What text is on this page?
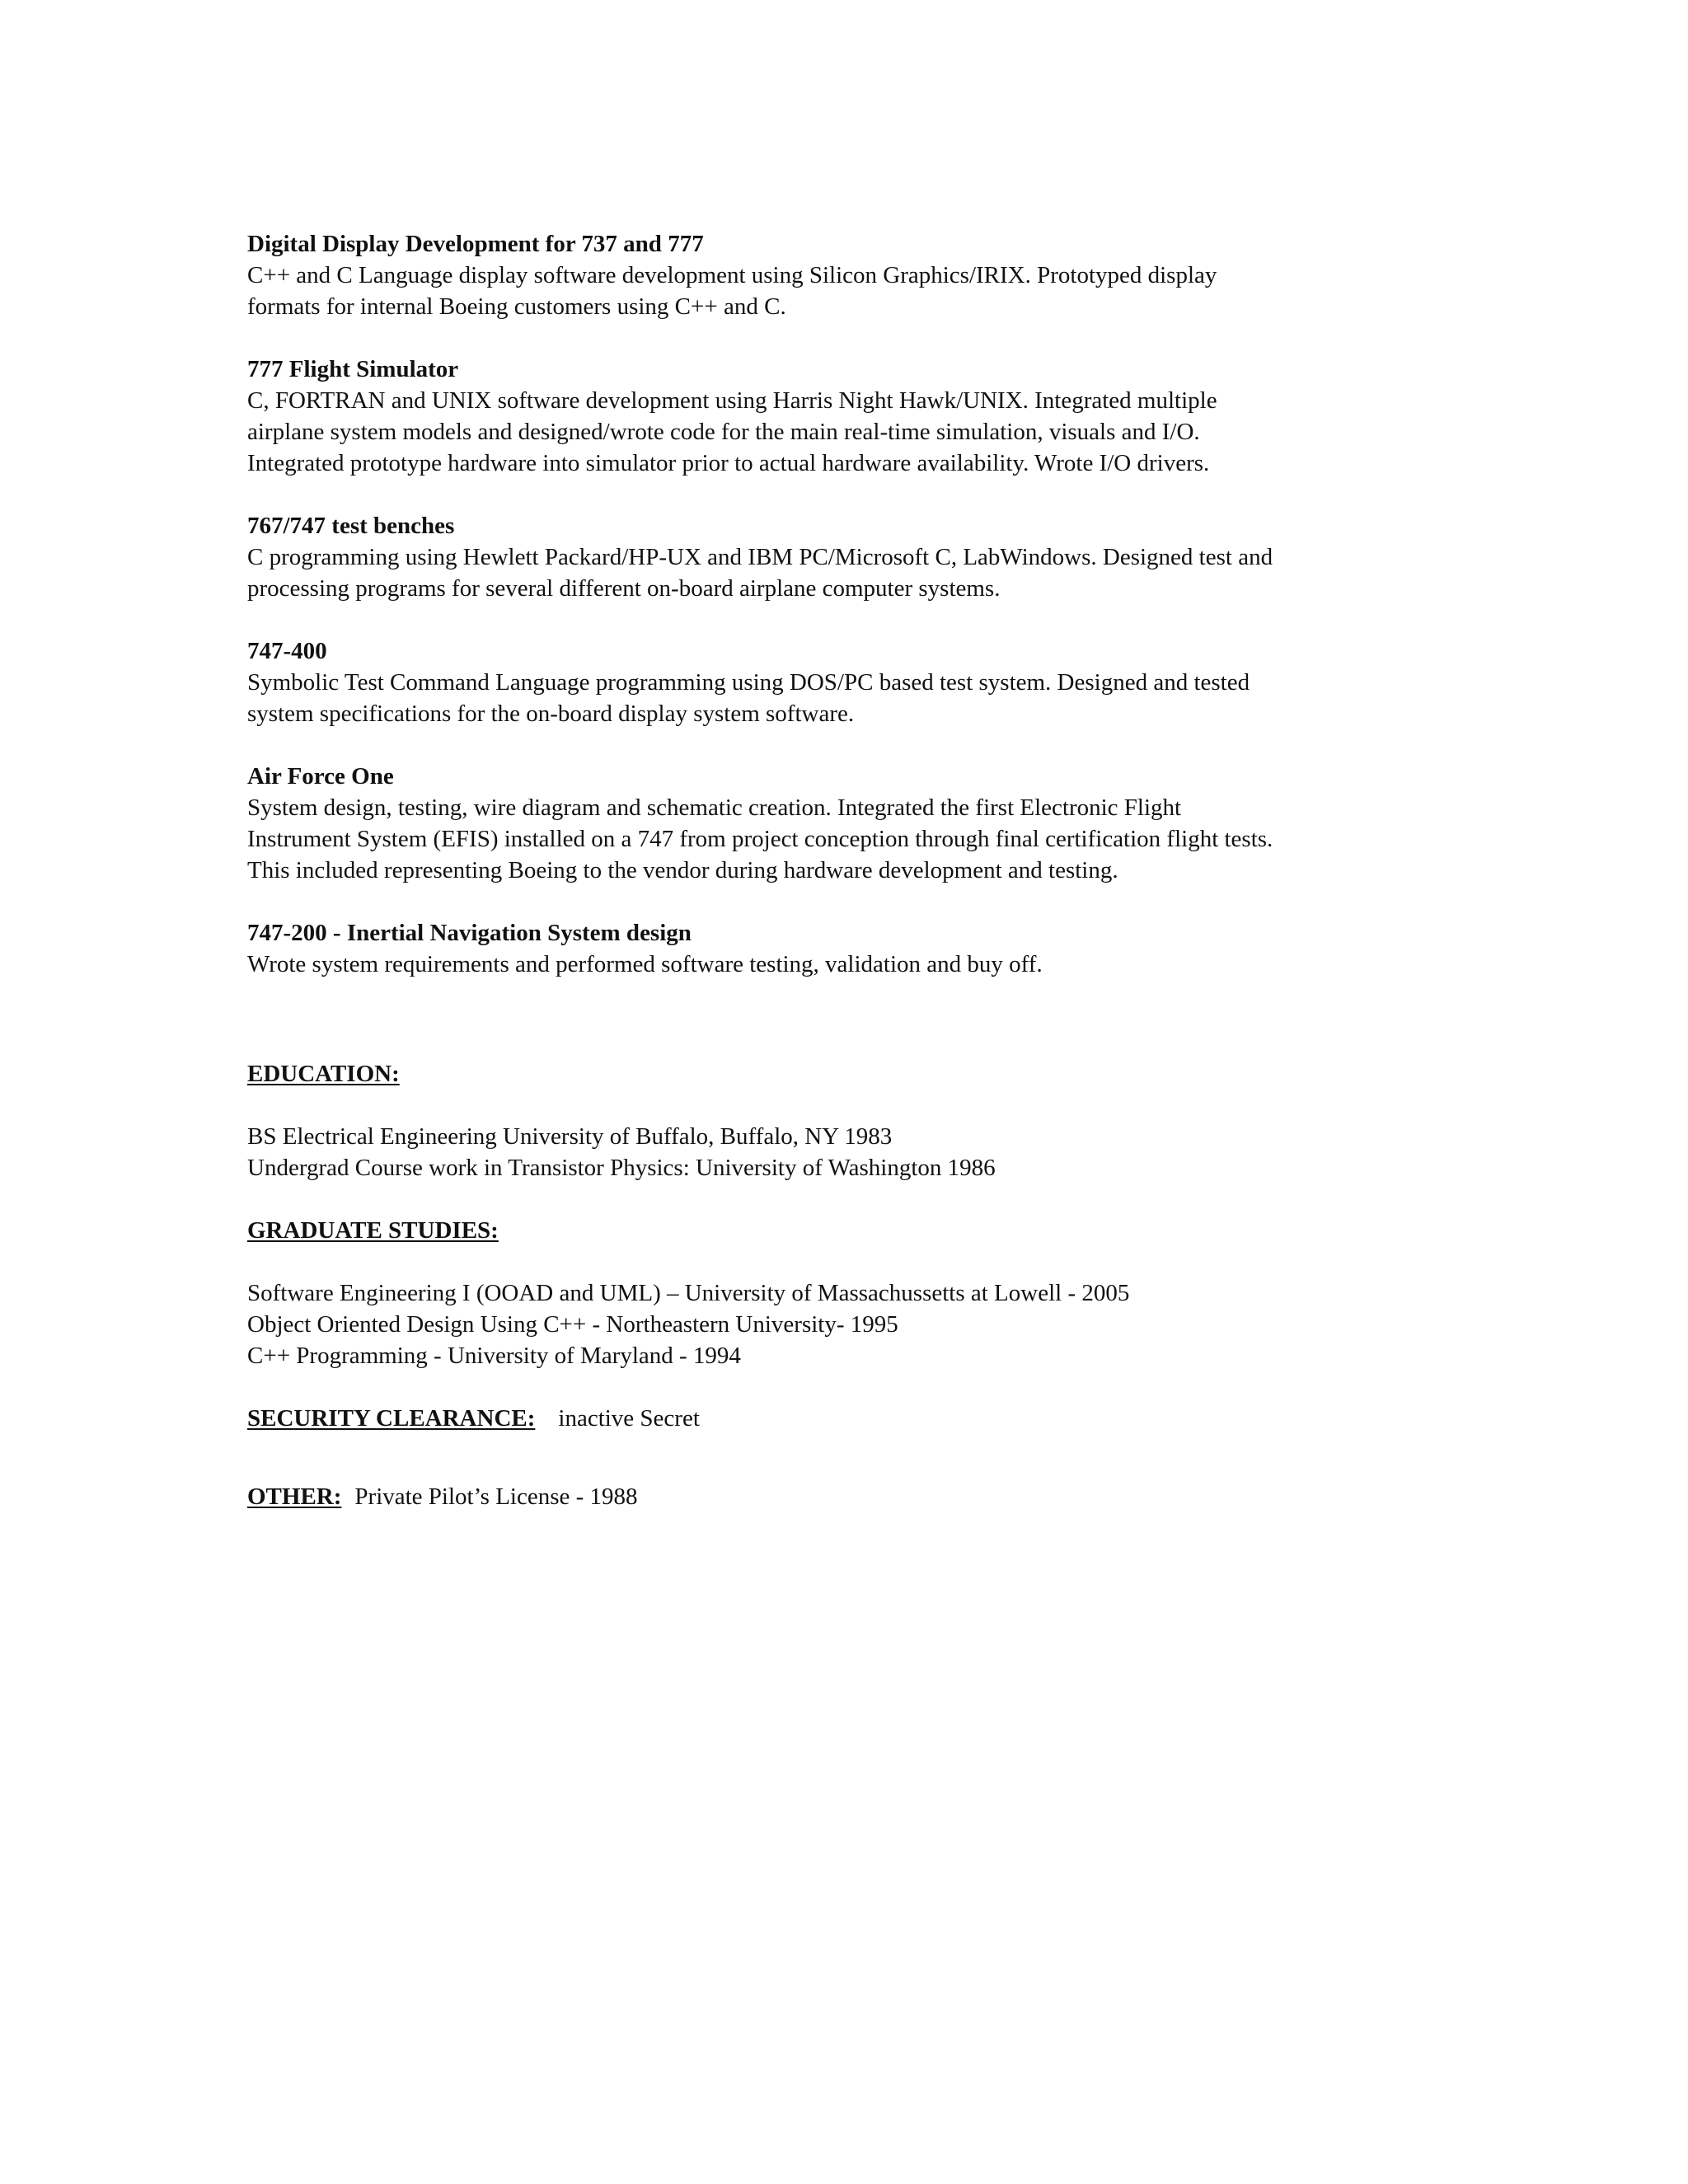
Digital Display Development for 737 and 777
C++ and C Language display software development using Silicon Graphics/IRIX. Prototyped display
formats for internal Boeing customers using C++ and C.
777 Flight Simulator
C, FORTRAN and UNIX software development using Harris Night Hawk/UNIX. Integrated multiple
airplane system models and designed/wrote code for the main real-time simulation, visuals and I/O.
Integrated prototype hardware into simulator prior to actual hardware availability. Wrote I/O drivers.
767/747 test benches
C programming using Hewlett Packard/HP-UX and IBM PC/Microsoft C, LabWindows. Designed test and
processing programs for several different on-board airplane computer systems.
747-400
Symbolic Test Command Language programming using DOS/PC based test system. Designed and tested
system specifications for the on-board display system software.
Air Force One
System design, testing, wire diagram and schematic creation. Integrated the first Electronic Flight
Instrument System (EFIS) installed on a 747 from project conception through final certification flight tests.
This included representing Boeing to the vendor during hardware development and testing.
747-200 - Inertial Navigation System design
Wrote system requirements and performed software testing, validation and buy off.
EDUCATION:
BS Electrical Engineering University of Buffalo, Buffalo, NY 1983
Undergrad Course work in Transistor Physics: University of Washington 1986
GRADUATE STUDIES:
Software Engineering I (OOAD and UML) – University of Massachussetts at Lowell - 2005
Object Oriented Design Using C++ - Northeastern University- 1995
C++ Programming - University of Maryland - 1994
SECURITY CLEARANCE: inactive Secret
OTHER: Private Pilot’s License - 1988
